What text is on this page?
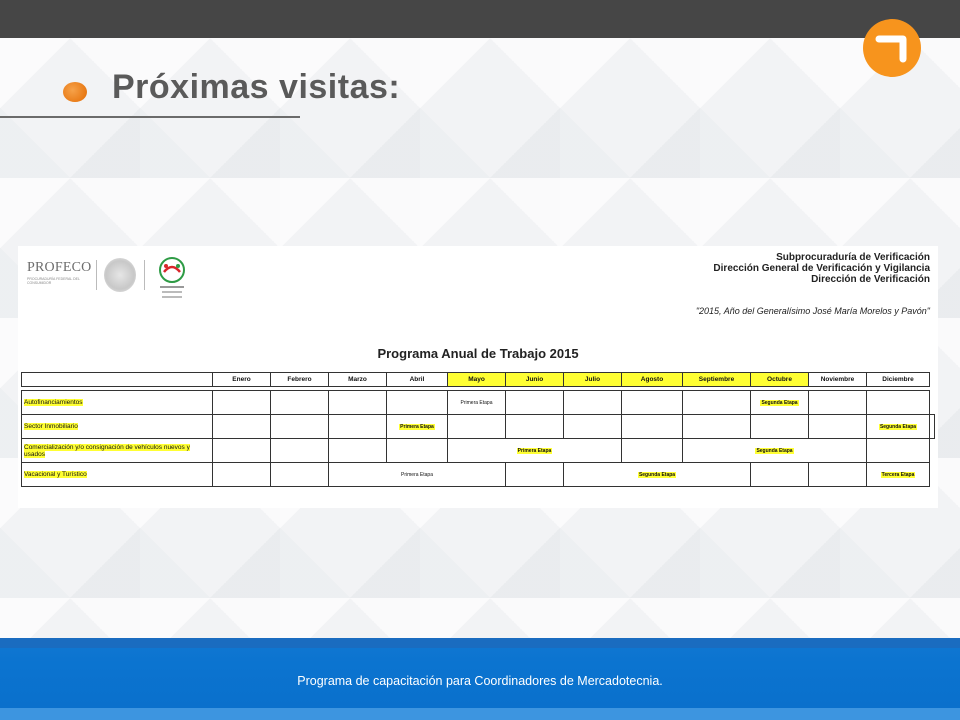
Próximas visitas:
PROFECO
PROCURADURÍA FEDERAL DEL CONSUMIDOR
Subprocuraduría de Verificación
Dirección General de Verificación y Vigilancia
Dirección de Verificación
"2015, Año del Generalísimo José María Morelos y Pavón"
Programa Anual de Trabajo 2015
	Enero	Febrero	Marzo	Abril	Mayo	Junio	Julio	Agosto	Septiembre	Octubre	Noviembre	Diciembre	

Autofinanciamientos					Primera Etapa					Segunda Etapa			
Sector Inmobiliario				Primera Etapa								Segunda Etapa	
Comercialización y/o consignación de vehículos nuevos y usados					Primera Etapa				Segunda Etapa				
Vacacional y Turístico			Primera Etapa				Segunda Etapa					Tercera Etapa	
Programa de capacitación para Coordinadores de Mercadotecnia.
